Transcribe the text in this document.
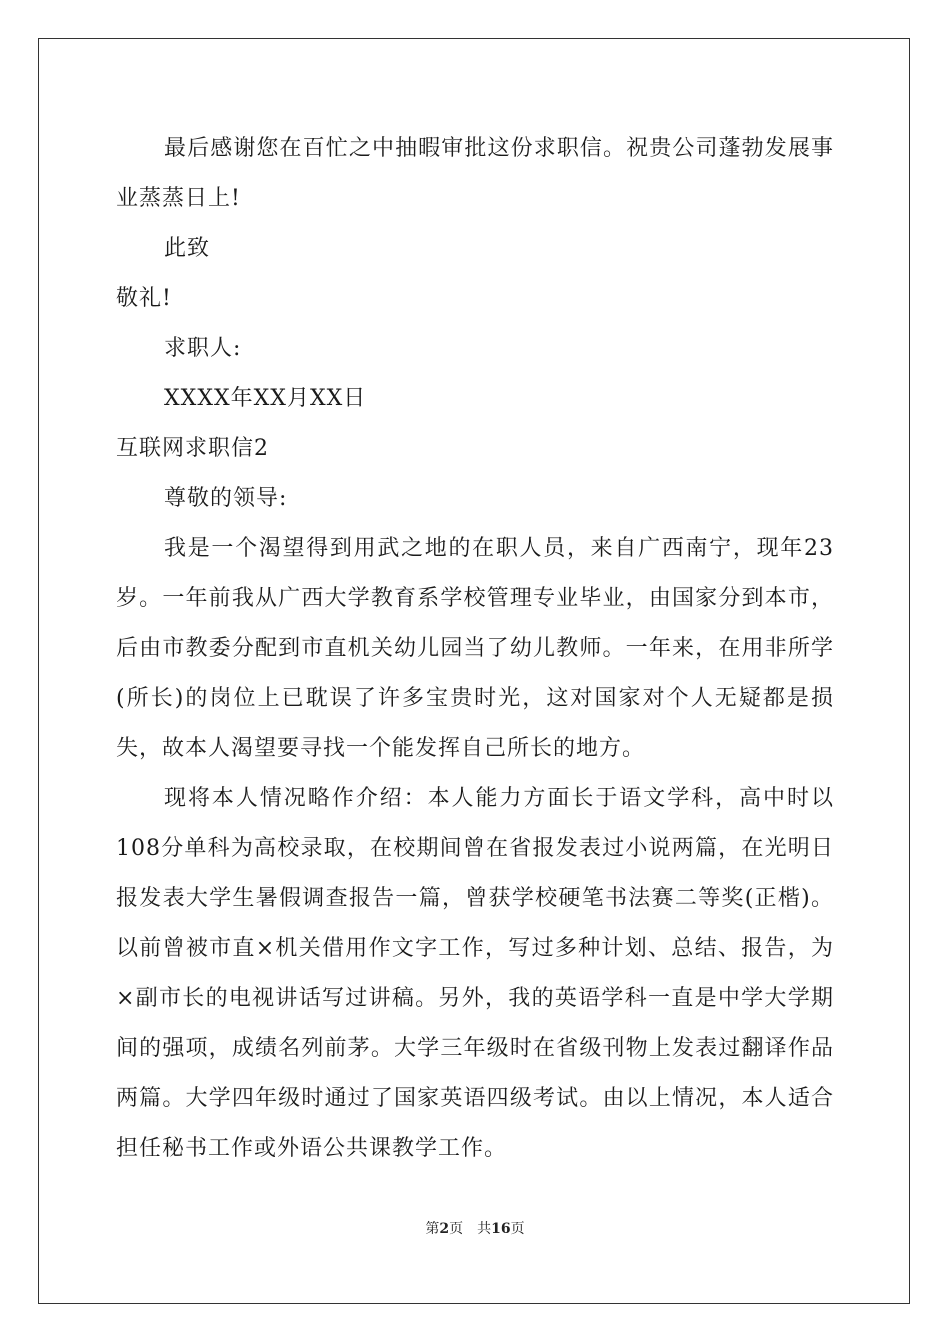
最后感谢您在百忙之中抽暇审批这份求职信。祝贵公司蓬勃发展事业蒸蒸日上!

此致

敬礼!

求职人:

XXXX年XX月XX日

互联网求职信2

尊敬的领导:

我是一个渴望得到用武之地的在职人员，来自广西南宁，现年23岁。一年前我从广西大学教育系学校管理专业毕业，由国家分到本市，后由市教委分配到市直机关幼儿园当了幼儿教师。一年来，在用非所学(所长)的岗位上已耽误了许多宝贵时光，这对国家对个人无疑都是损失，故本人渴望要寻找一个能发挥自己所长的地方。

现将本人情况略作介绍：本人能力方面长于语文学科，高中时以108分单科为高校录取，在校期间曾在省报发表过小说两篇，在光明日报发表大学生暑假调查报告一篇，曾获学校硬笔书法赛二等奖(正楷)。以前曾被市直×机关借用作文字工作，写过多种计划、总结、报告，为×副市长的电视讲话写过讲稿。另外，我的英语学科一直是中学大学期间的强项，成绩名列前茅。大学三年级时在省级刊物上发表过翻译作品两篇。大学四年级时通过了国家英语四级考试。由以上情况，本人适合担任秘书工作或外语公共课教学工作。

第2页 共16页
